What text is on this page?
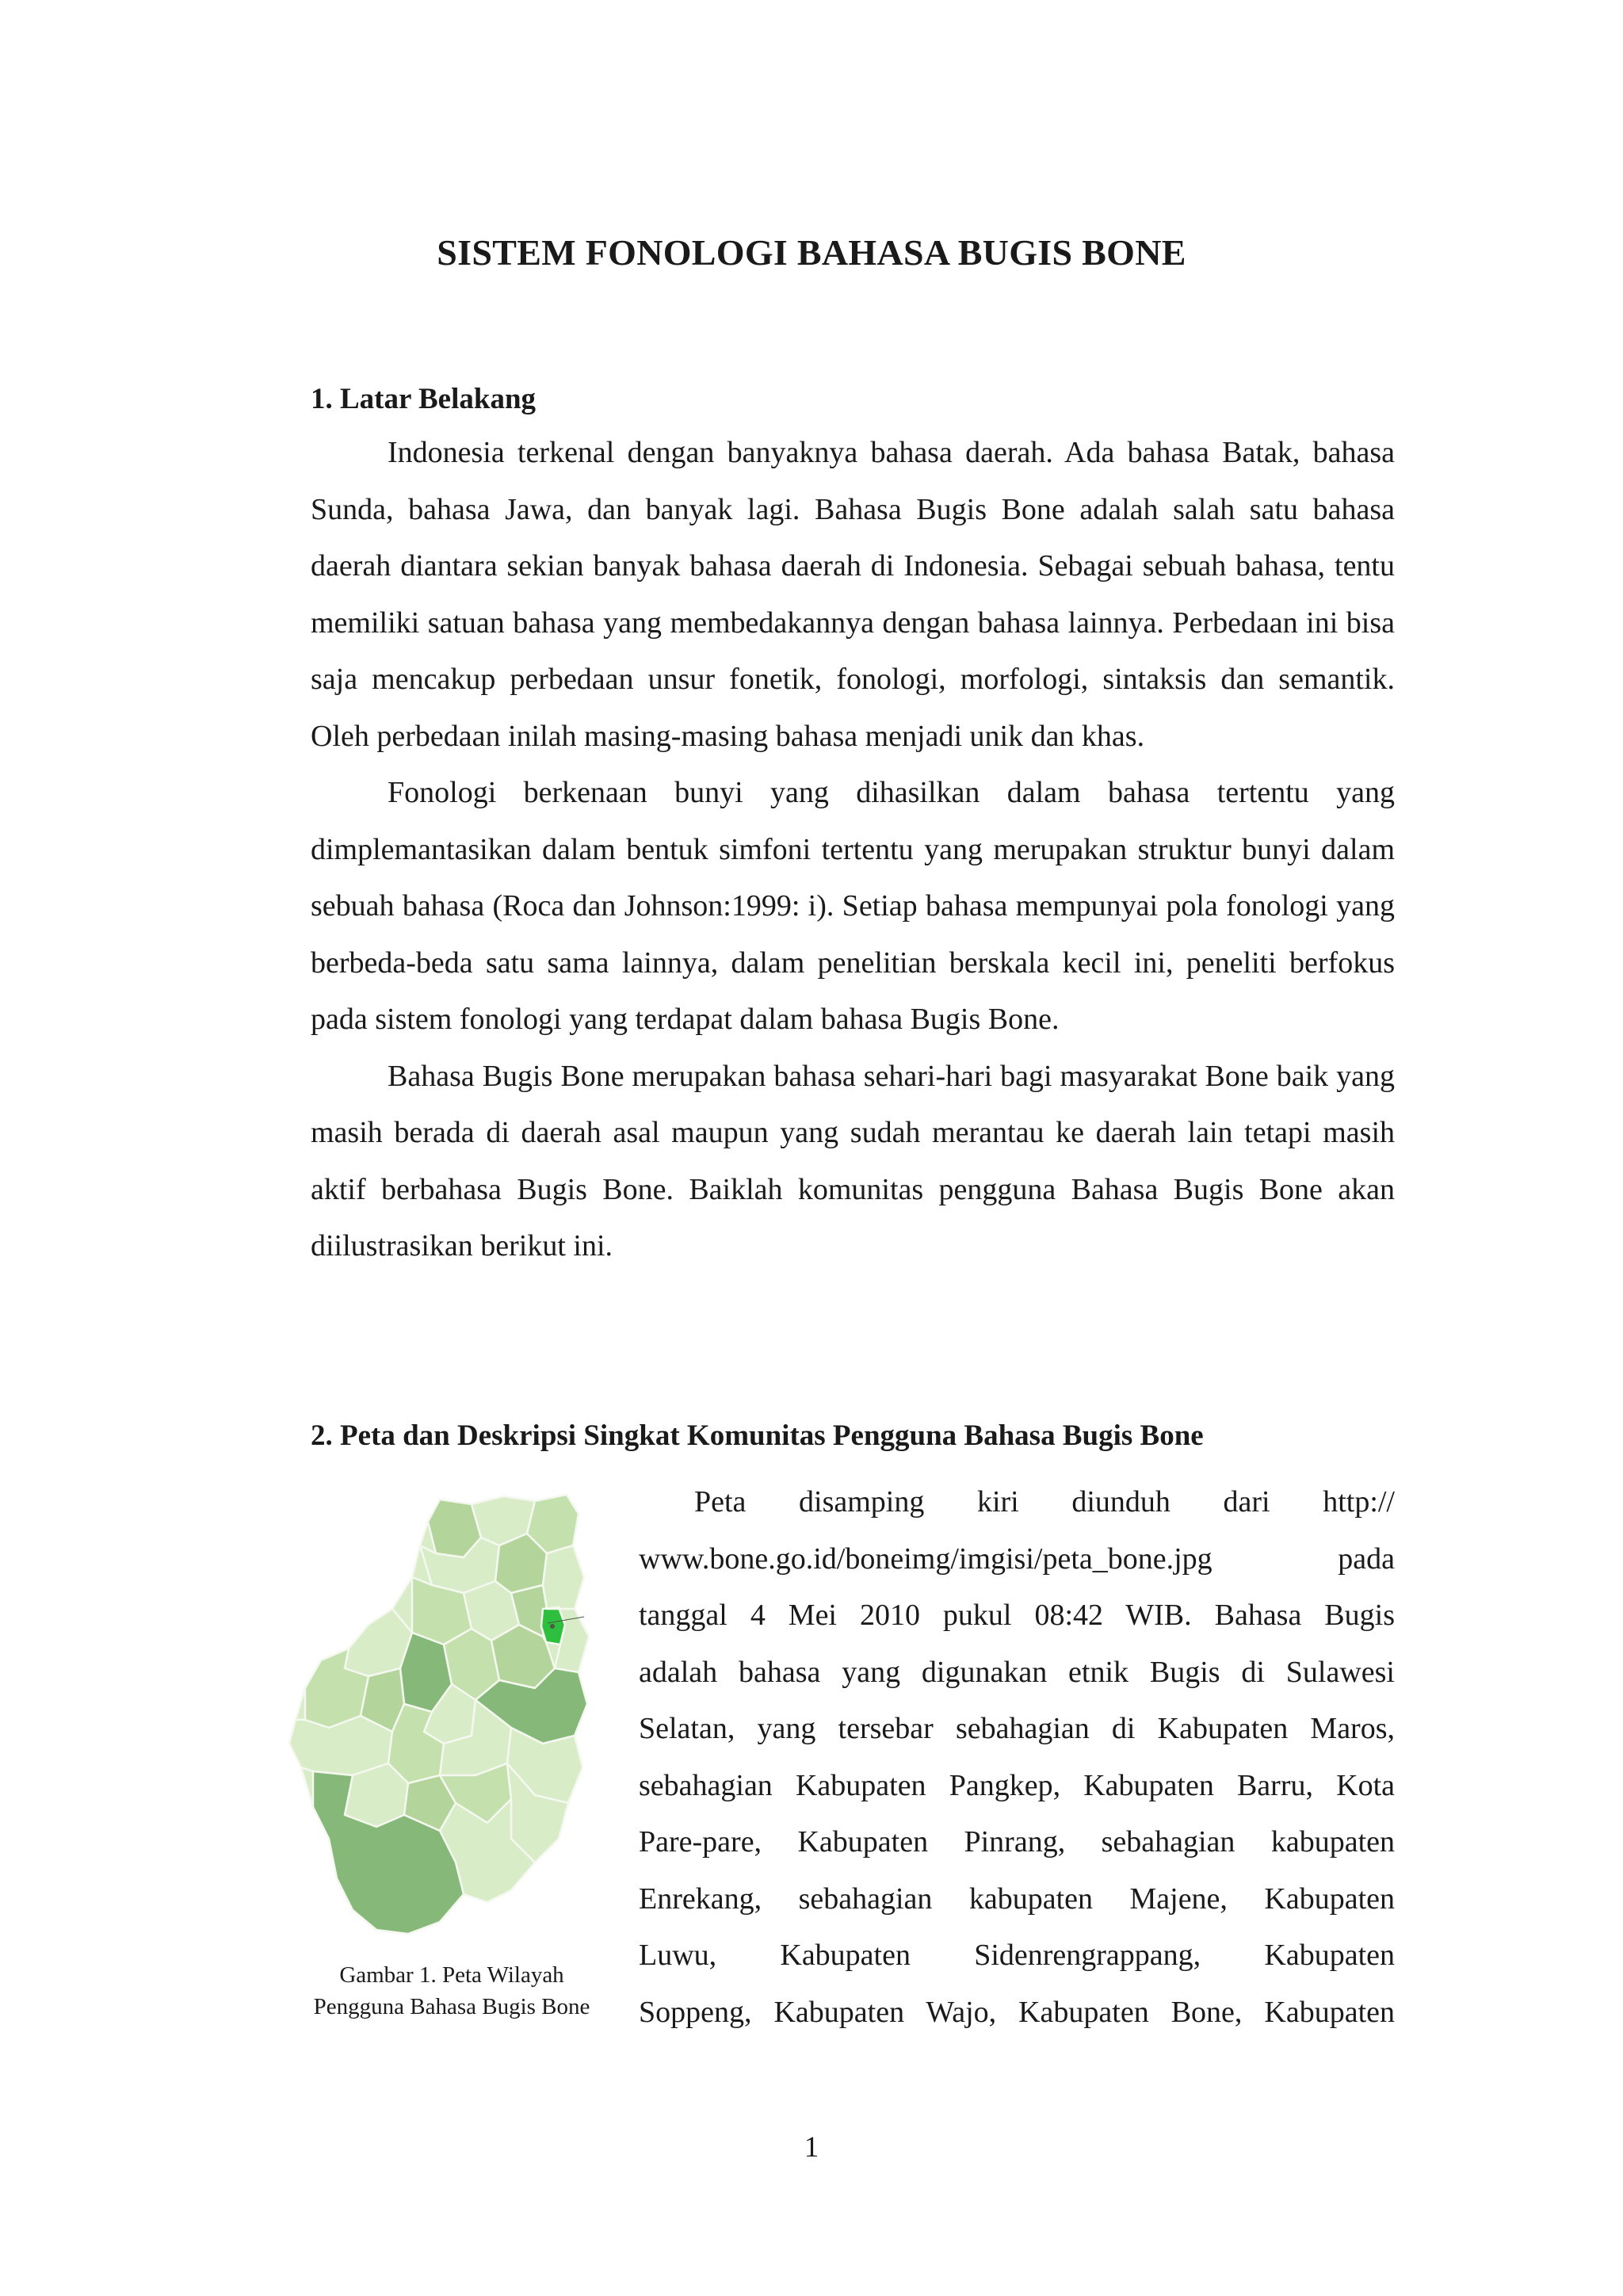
SISTEM FONOLOGI BAHASA BUGIS BONE
1. Latar Belakang

Indonesia terkenal dengan banyaknya bahasa daerah. Ada bahasa Batak, bahasa Sunda, bahasa Jawa, dan banyak lagi. Bahasa Bugis Bone adalah salah satu bahasa daerah diantara sekian banyak bahasa daerah di Indonesia. Sebagai sebuah bahasa, tentu memiliki satuan bahasa yang membedakannya dengan bahasa lainnya. Perbedaan ini bisa saja mencakup perbedaan unsur fonetik, fonologi, morfologi, sintaksis dan semantik. Oleh perbedaan inilah masing-masing bahasa menjadi unik dan khas.

Fonologi berkenaan bunyi yang dihasilkan dalam bahasa tertentu yang dimplemantasikan dalam bentuk simfoni tertentu yang merupakan struktur bunyi dalam sebuah bahasa (Roca dan Johnson:1999: i). Setiap bahasa mempunyai pola fonologi yang berbeda-beda satu sama lainnya, dalam penelitian berskala kecil ini, peneliti berfokus pada sistem fonologi yang terdapat dalam bahasa Bugis Bone.

Bahasa Bugis Bone merupakan bahasa sehari-hari bagi masyarakat Bone baik yang masih berada di daerah asal maupun yang sudah merantau ke daerah lain tetapi masih aktif berbahasa Bugis Bone. Baiklah komunitas pengguna Bahasa Bugis Bone akan diilustrasikan berikut ini.

2. Peta dan Deskripsi Singkat Komunitas Pengguna Bahasa Bugis Bone
Gambar 1. Peta Wilayah
Pengguna Bahasa Bugis Bone

Peta disamping kiri diunduh dari http://

www.bone.go.id/boneimg/imgisi/peta_bone.jpg pada

tanggal 4 Mei 2010 pukul 08:42 WIB. Bahasa Bugis

adalah bahasa yang digunakan etnik Bugis di Sulawesi

Selatan, yang tersebar sebahagian di Kabupaten Maros,

sebahagian Kabupaten Pangkep, Kabupaten Barru, Kota

Pare-pare, Kabupaten Pinrang, sebahagian kabupaten

Enrekang, sebahagian kabupaten Majene, Kabupaten

Luwu, Kabupaten Sidenrengrappang, Kabupaten

Soppeng, Kabupaten Wajo, Kabupaten Bone, Kabupaten

1
